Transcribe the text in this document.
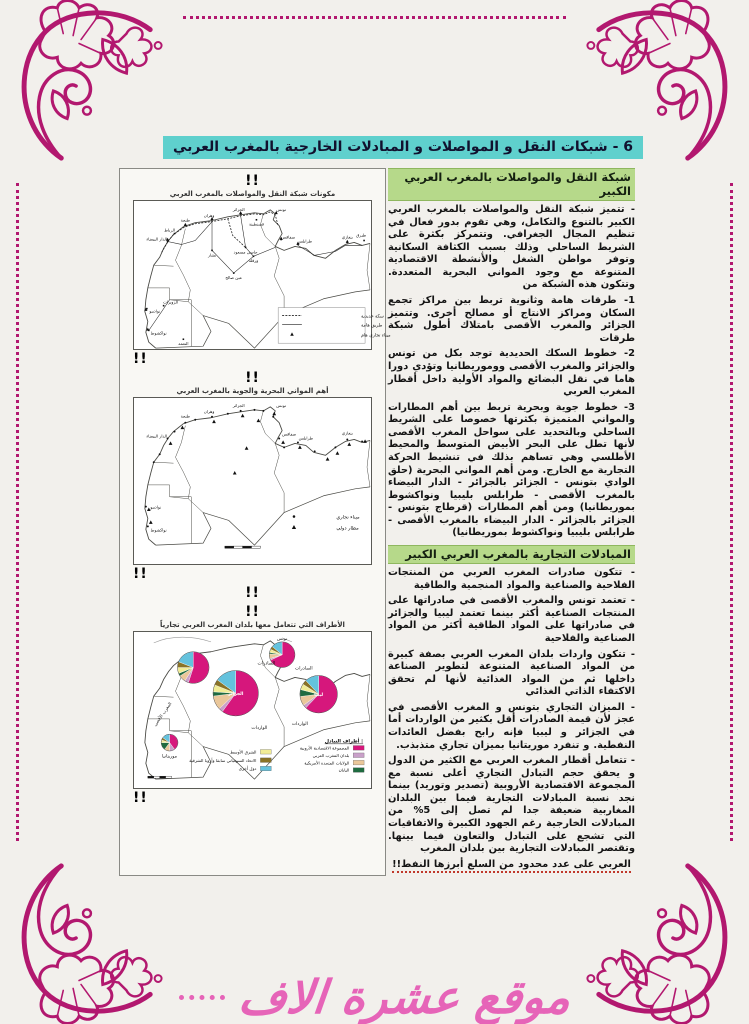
6 - شبكات النقل و المواصلات و المبادلات الخارجية بالمغرب العربي
!!
مكونات شبكة النقل والمواصلات بالمغرب العربي
طنجة
الرباط
الدار البيضاء
وهران
الجزائر
قسنطينة
تونس
سفاقس
طرابلس
بنغازي طبرق
بشار
حاسي مسعود
ورقلة
عين صالح
الزويرات
نواذيبو
نواكشوط
النعمة
سكة حديدية
طريق هامة
ميناء تجاري هام
!!
!!
أهم المواني البحرية والجوية بالمغرب العربي
طنجة
الدار البيضاء
وهران
الجزائر	تونس
صفاقس
طرابلس
بنغازي
نواذيبو
نواكشوط
ميناء تجاري
مطار دولي
!!
!!
!!
الأطراف التي تتعامل معها بلدان المغرب العربي تجارياً
الصادرات
الواردات
الصادرات
الواردات
موريتانيا
المغرب الأقصى
الجزائر	ليبيا
تونس
أطراف التبادل :
المجموعة الاقتصادية الأروبية
بلدان المغرب العربي
الولايات المتحدة الأمريكية
اليابان
الشرق الأوسط
الاتحاد السوفياتي سابقا وأروبا الشرقية
دول أخرى
!!
شبكة النقل والمواصلات بالمغرب العربي الكبير

- تتميز شبكة النقل والمواصلات بالمغرب العربي الكبير بالتنوع والتكامل، وهي تقوم بدور فعال في تنظيم المجال الجغرافي. وتتمركز بكثرة على الشريط الساحلي وذلك بسبب الكثافة السكانية وتوفر مواطن الشغل والأنشطة الاقتصادية المتنوعة مع وجود المواني البحرية المتعددة. وتتكون هذه الشبكة من

1- طرقات هامة وثانوية تربط بين مراكز تجمع السكان ومراكز الانتاج أو مصالح أخرى. وتتميز الجزائر والمغرب الأقصى بامتلاك أطول شبكة طرقات

2- خطوط السكك الحديدية توجد بكل من تونس والجزائر والمغرب الأقصى ووموريطانيا وتؤدي دورا هاما في نقل البضائع والمواد الأولية داخل أقطار المغرب العربي

3- خطوط جوية وبحرية تربط بين أهم المطارات والمواني المتميزة بكثرتها خصوصا على الشريط الساحلي وبالتحديد على سواحل المغرب الأقصى لأنها تطل على البحر الأبيض المتوسط والمحيط الأطلسي وهي تساهم بذلك في تنشيط الحركة التجارية مع الخارج. ومن أهم المواني البحرية (حلق الوادي بتونس - الجزائر بالجزائر - الدار البيضاء بالمغرب الأقصى - طرابلس بليبيا ونواكشوط بموريطانيا) ومن أهم المطارات (قرطاج بتونس - الجزائر بالجزائر - الدار البيضاء بالمغرب الأقصى - طرابلس بليبيا ونواكشوط بموريطانيا)

المبادلات التجارية بالمغرب العربي الكبير

- تتكون صادرات المغرب العربي من المنتجات الفلاحية والصناعية والمواد المنجمية والطاقية

- تعتمد تونس والمغرب الأقصى في صادراتها على المنتجات الصناعية أكثر بينما تعتمد ليبيا والجزائر في صادراتها على المواد الطاقية أكثر من المواد الصناعية والفلاحية

- تتكون واردات بلدان المغرب العربي بصفة كبيرة من المواد الصناعية المتنوعة لتطوير الصناعة داخلها ثم من المواد الغذائية لأنها لم تحقق الاكتفاء الذاتي الغذائي

- الميزان التجاري بتونس و المغرب الأقصى في عجز لأن قيمة الصادرات أقل بكثير من الواردات أما في الجزائر و ليبيا فإنه رابح بفضل العائدات النفطية. و تنفرد موريتانيا بميزان تجاري متذبذب.

- تتعامل أقطار المغرب العربي مع الكثير من الدول و يحقق حجم التبادل التجاري أعلى نسبة مع المجموعة الاقتصادية الأروبية (تصدير وتوريد) بينما نجد نسبة المبادلات التجارية فيما بين البلدان المغاربية ضعيفة جدا لم تصل إلى 5% من المبادلات الخارجية رغم الجهود الكبيرة والاتفاقيات التي تشجع على التبادل والتعاون فيما بينها. وتقتصر المبادلات التجارية بين بلدان المغرب

العربي على عدد محدود من السلع أبرزها النفط!!

موقع عشرة الاف
